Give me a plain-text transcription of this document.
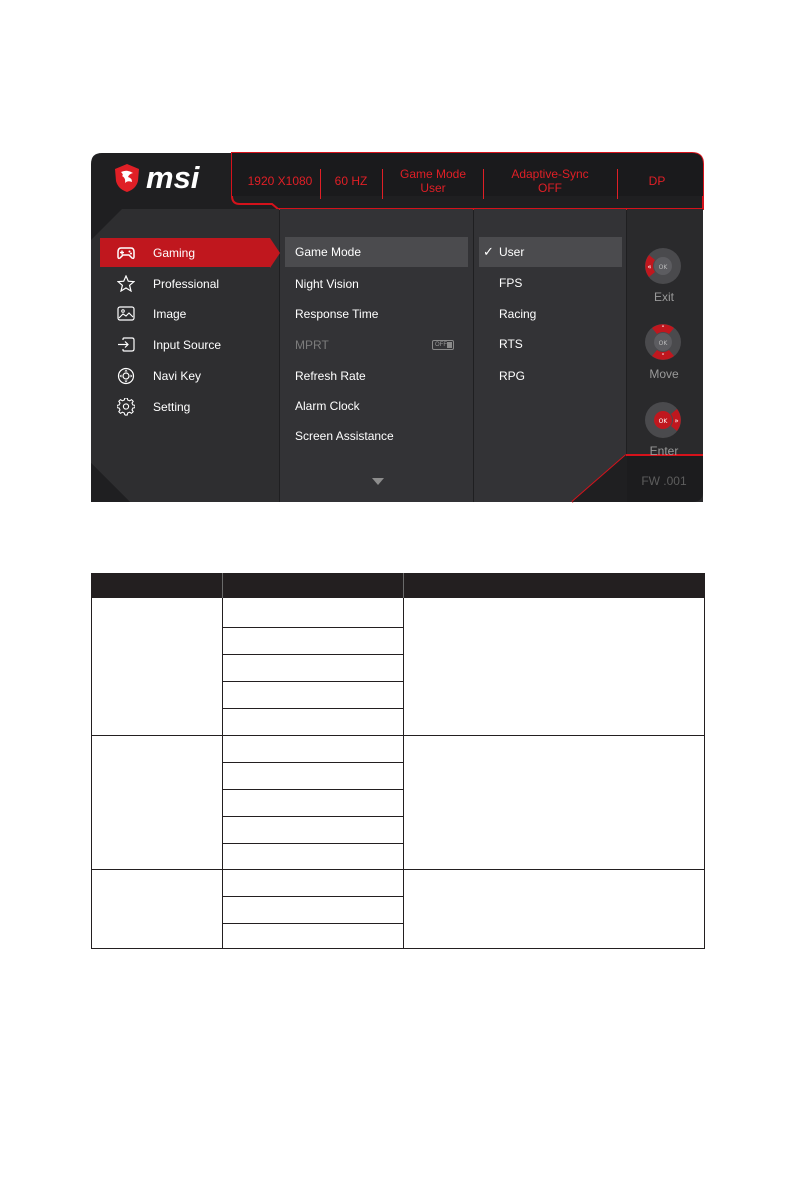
msi	1920 X1080	60 HZ	Game Mode
User
Adaptive-Sync
OFF	DP
Gaming
Professional
Image
Input Source
Navi Key
Setting
Game Mode
Night Vision
Response Time
MPRT	OFF
Refresh Rate
Alarm Clock
Screen Assistance
✓ User
FPS
Racing
RTS
RPG
OK
«
Exit
OK
˄
˅
Move
OK »
Enter
FW .001
